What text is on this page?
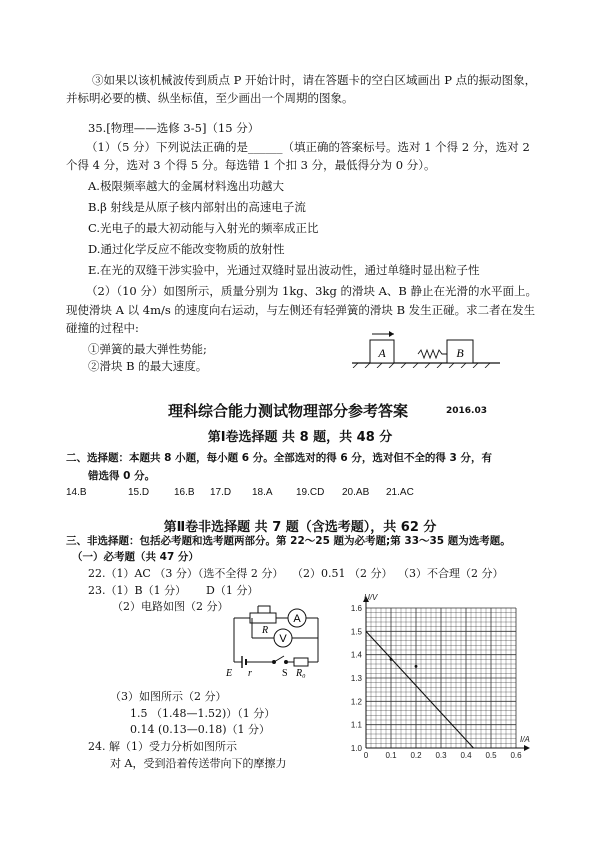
③如果以该机械波传到质点 P 开始计时，请在答题卡的空白区域画出 P 点的振动图象，
并标明必要的横、纵坐标值，至少画出一个周期的图象。
35.[物理——选修 3-5]（15 分）
（1）（5 分）下列说法正确的是______（填正确的答案标号。选对 1 个得 2 分，选对 2
个得 4 分，选对 3 个得 5 分。每选错 1 个扣 3 分，最低得分为 0 分）。
A.极限频率越大的金属材料逸出功越大
B.β 射线是从原子核内部射出的高速电子流
C.光电子的最大初动能与入射光的频率成正比
D.通过化学反应不能改变物质的放射性
E.在光的双缝干涉实验中，光通过双缝时显出波动性，通过单缝时显出粒子性
（2）（10 分）如图所示，质量分别为 1kg、3kg 的滑块 A、B 静止在光滑的水平面上。
现使滑块 A 以 4m/s 的速度向右运动，与左侧还有轻弹簧的滑块 B 发生正碰。求二者在发生
碰撞的过程中:
①弹簧的最大弹性势能;
②滑块 B 的最大速度。
A	B
理科综合能力测试物理部分参考答案	2016.03
第Ⅰ卷选择题 共 8 题，共 48 分
二、选择题：本题共 8 小题，每小题 6 分。全部选对的得 6 分，选对但不全的得 3 分，有
错选得 0 分。
14.B	15.D 16.B 17.D 18.A 19.CD 20.AB 21.AC
第Ⅱ卷非选择题 共 7 题（含选考题），共 62 分
三、非选择题：包括必考题和选考题两部分。第 22～25 题为必考题;第 33～35 题为选考题。
（一）必考题（共 47 分）
22.（1）AC （3 分）（选不全得 2 分） （2）0.51 （2 分） （3）不合理（2 分）
23.（1）B（1 分） D（1 分）
（2）电路如图（2 分）
R
A
V
E r	S R₀
（3）如图所示（2 分）
1.5 （1.48—1.52)）（1 分）
0.14 (0.13—0.18)（1 分）
24. 解（1）受力分析如图所示
对 A，受到沿着传送带向下的摩擦力
0 0.1 0.2 0.3 0.4 0.5 0.6
1.0
1.1
1.2
1.3
1.4
1.5
1.6
U/V
I/A
